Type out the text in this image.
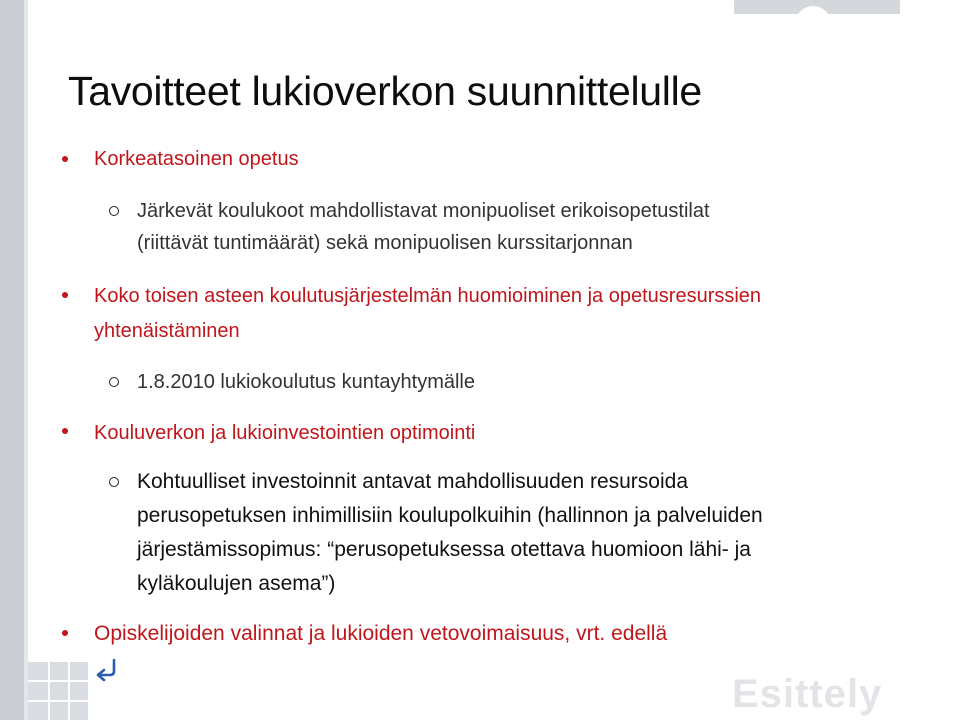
Tavoitteet lukioverkon suunnittelulle
Korkeatasoinen opetus
Järkevät koulukoot mahdollistavat monipuoliset erikoisopetustilat
(riittävät tuntimäärät) sekä monipuolisen kurssitarjonnan
Koko toisen asteen koulutusjärjestelmän huomioiminen ja opetusresurssien
yhtenäistäminen
1.8.2010 lukiokoulutus kuntayhtymälle
Kouluverkon ja lukioinvestointien optimointi
Kohtuulliset investoinnit antavat mahdollisuuden resursoida
perusopetuksen inhimillisiin koulupolkuihin (hallinnon ja palveluiden
järjestämissopimus: “perusopetuksessa otettava huomioon lähi- ja
kyläkoulujen asema”)
Opiskelijoiden valinnat ja lukioiden vetovoimaisuus, vrt. edellä
Esittely
